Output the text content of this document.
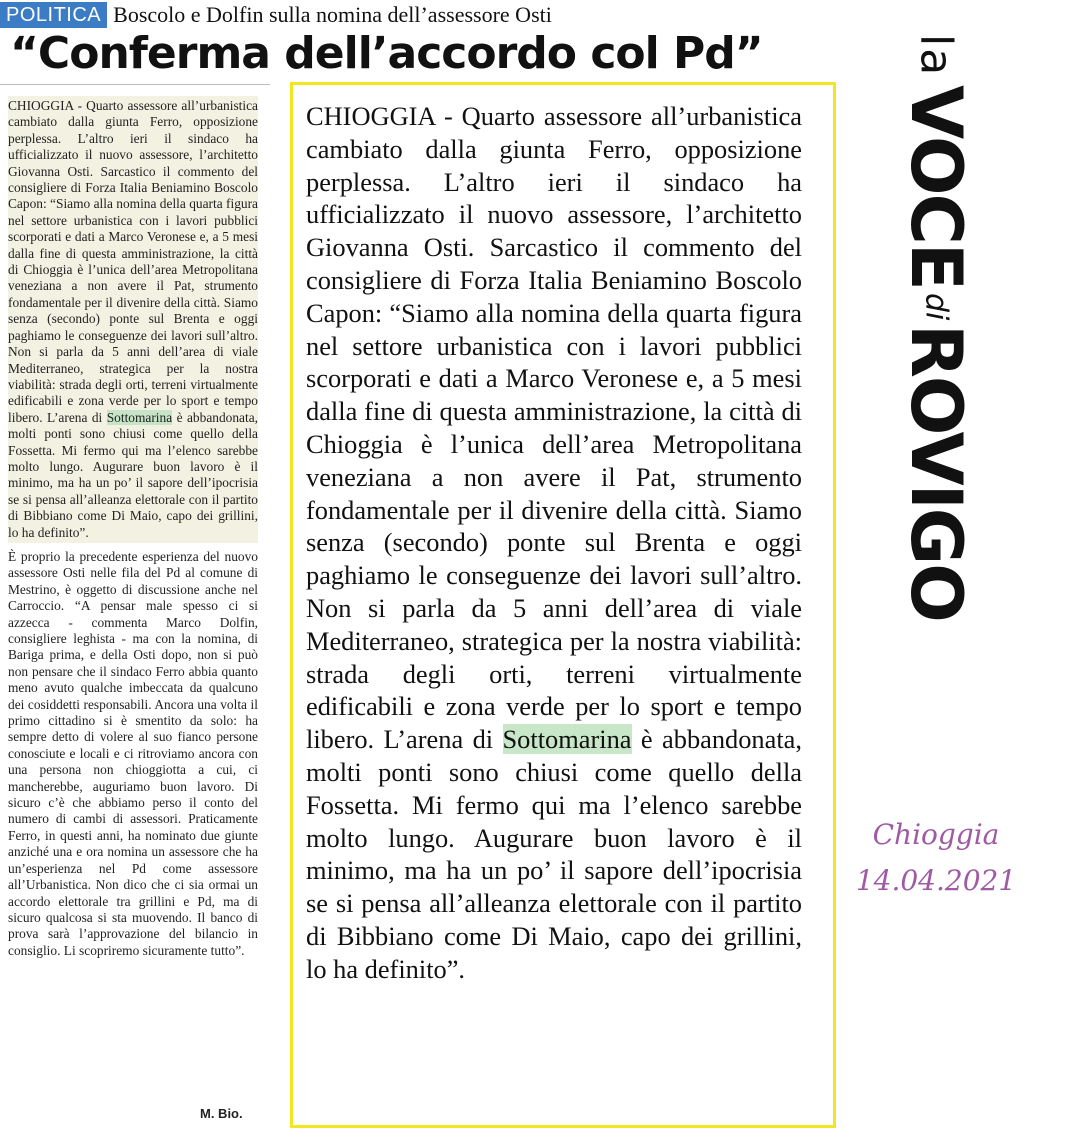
POLITICA Boscolo e Dolfin sulla nomina dell’assessore Osti
“Conferma dell’accordo col Pd”
CHIOGGIA - Quarto assessore all’urbanistica cambiato dalla giunta Ferro, opposizione perplessa. L’altro ieri il sindaco ha ufficializzato il nuovo assessore, l’architetto Giovanna Osti. Sarcastico il commento del consigliere di Forza Italia Beniamino Boscolo Capon: “Siamo alla nomina della quarta figura nel settore urbanistica con i lavori pubblici scorporati e dati a Marco Veronese e, a 5 mesi dalla fine di questa amministrazione, la città di Chioggia è l’unica dell’area Metropolitana veneziana a non avere il Pat, strumento fondamentale per il divenire della città. Siamo senza (secondo) ponte sul Brenta e oggi paghiamo le conseguenze dei lavori sull’altro. Non si parla da 5 anni dell’area di viale Mediterraneo, strategica per la nostra viabilità: strada degli orti, terreni virtualmente edificabili e zona verde per lo sport e tempo libero. L’arena di Sottomarina è abbandonata, molti ponti sono chiusi come quello della Fossetta. Mi fermo qui ma l’elenco sarebbe molto lungo. Augurare buon lavoro è il minimo, ma ha un po’ il sapore dell’ipocrisia se si pensa all’alleanza elettorale con il partito di Bibbiano come Di Maio, capo dei grillini, lo ha definito”.
È proprio la precedente esperienza del nuovo assessore Osti nelle fila del Pd al comune di Mestrino, è oggetto di discussione anche nel Carroccio. “A pensar male spesso ci si azzecca - commenta Marco Dolfin, consigliere leghista - ma con la nomina, di Bariga prima, e della Osti dopo, non si può non pensare che il sindaco Ferro abbia quanto meno avuto qualche imbeccata da qualcuno dei cosiddetti responsabili. Ancora una volta il primo cittadino si è smentito da solo: ha sempre detto di volere al suo fianco persone conosciute e locali e ci ritroviamo ancora con una persona non chioggiotta a cui, ci mancherebbe, auguriamo buon lavoro. Di sicuro c’è che abbiamo perso il conto del numero di cambi di assessori. Praticamente Ferro, in questi anni, ha nominato due giunte anziché una e ora nomina un assessore che ha un’esperienza nel Pd come assessore all’Urbanistica. Non dico che ci sia ormai un accordo elettorale tra grillini e Pd, ma di sicuro qualcosa si sta muovendo. Il banco di prova sarà l’approvazione del bilancio in consiglio. Li scopriremo sicuramente tutto”.
M. Bio.

CHIOGGIA - Quarto assessore all’urbanistica cambiato dalla giunta Ferro, opposizione perplessa. L’altro ieri il sindaco ha ufficializzato il nuovo assessore, l’architetto Giovanna Osti. Sarcastico il commento del consigliere di Forza Italia Beniamino Boscolo Capon: “Siamo alla nomina della quarta figura nel settore urbanistica con i lavori pubblici scorporati e dati a Marco Veronese e, a 5 mesi dalla fine di questa amministrazione, la città di Chioggia è l’unica dell’area Metropolitana veneziana a non avere il Pat, strumento fondamentale per il divenire della città. Siamo senza (secondo) ponte sul Brenta e oggi paghiamo le conseguenze dei lavori sull’altro. Non si parla da 5 anni dell’area di viale Mediterraneo, strategica per la nostra viabilità: strada degli orti, terreni virtualmente edificabili e zona verde per lo sport e tempo libero. L’arena di Sottomarina è abbandonata, molti ponti sono chiusi come quello della Fossetta. Mi fermo qui ma l’elenco sarebbe molto lungo. Augurare buon lavoro è il minimo, ma ha un po’ il sapore dell’ipocrisia se si pensa all’alleanza elettorale con il partito di Bibbiano come Di Maio, capo dei grillini, lo ha definito”.

la
VOCE
di
ROVIGO
Chioggia
14.04.2021
